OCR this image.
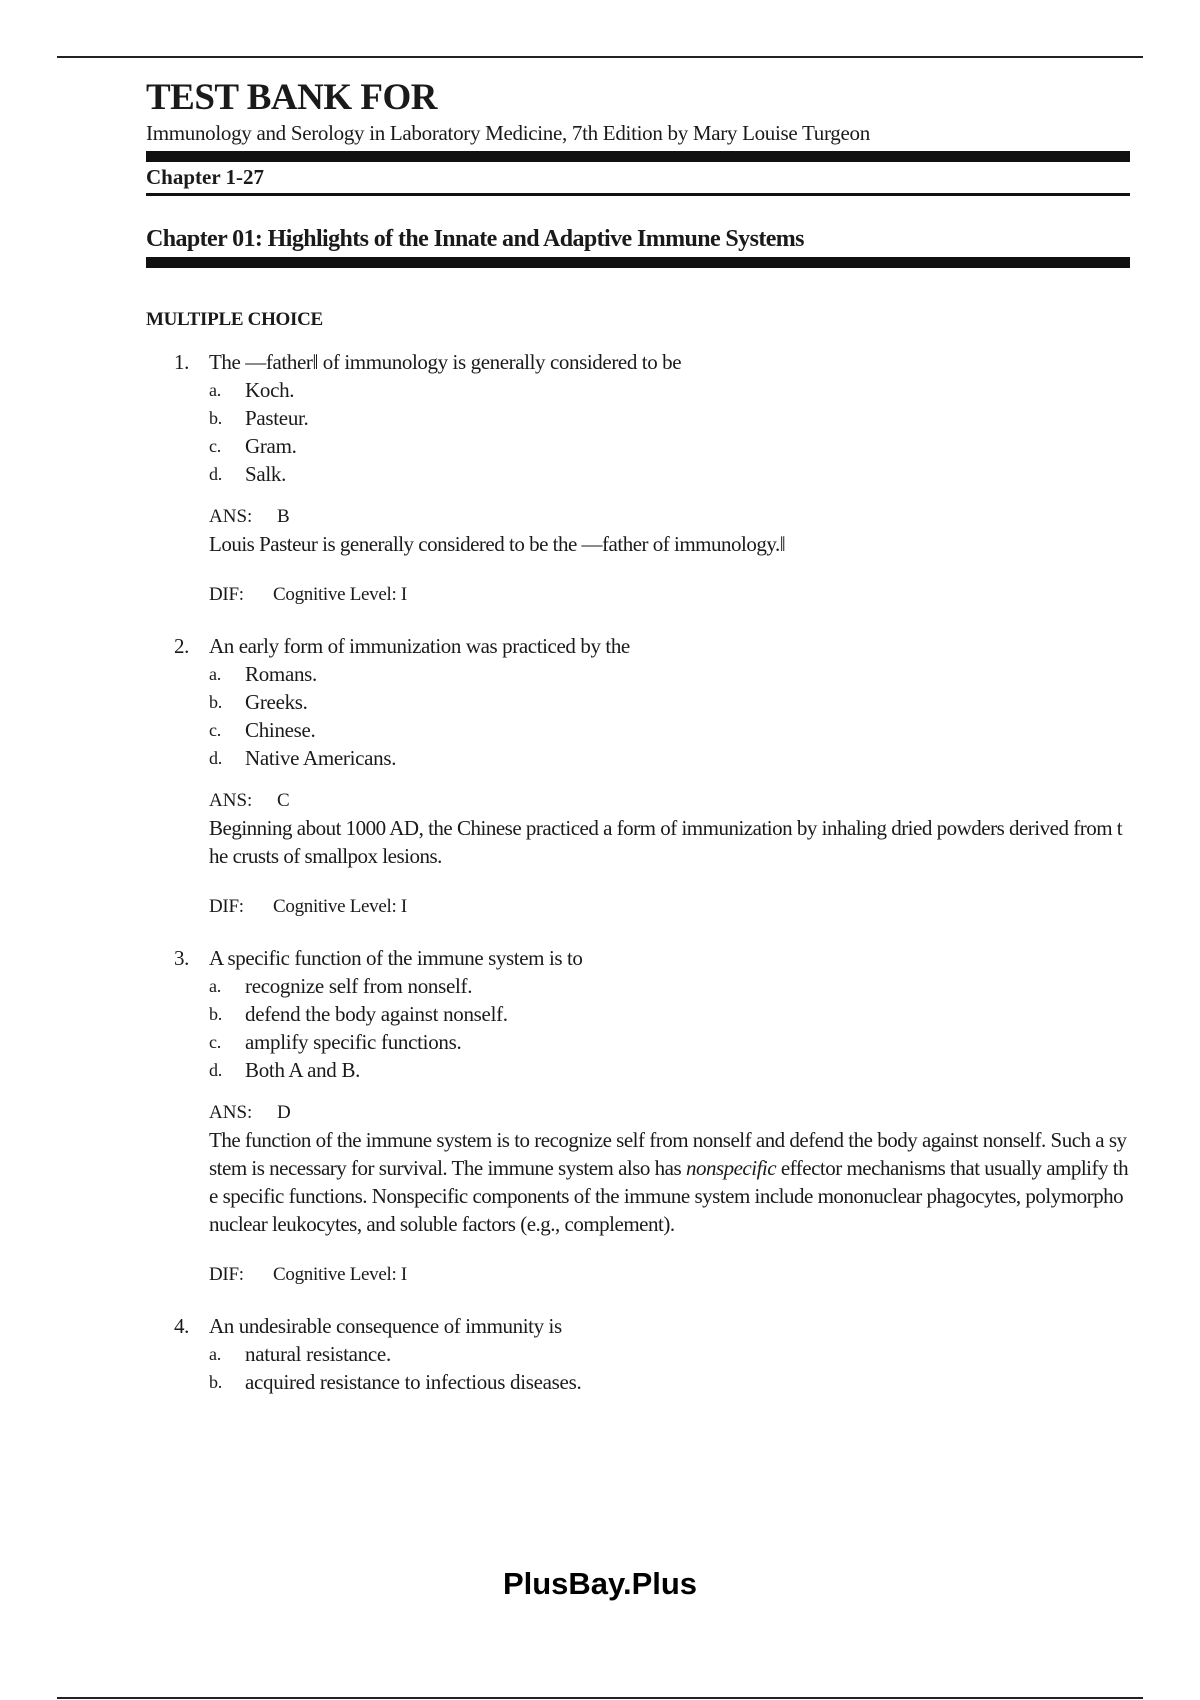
TEST BANK FOR
Immunology and Serology in Laboratory Medicine, 7th Edition by Mary Louise Turgeon
Chapter 1-27
Chapter 01: Highlights of the Innate and Adaptive Immune Systems
MULTIPLE CHOICE
1. The —father‖ of immunology is generally considered to be
a. Koch.
b. Pasteur.
c. Gram.
d. Salk.
ANS: B
Louis Pasteur is generally considered to be the —father of immunology.‖
DIF: Cognitive Level: I
2. An early form of immunization was practiced by the
a. Romans.
b. Greeks.
c. Chinese.
d. Native Americans.
ANS: C
Beginning about 1000 AD, the Chinese practiced a form of immunization by inhaling dried powders derived from the crusts of smallpox lesions.
DIF: Cognitive Level: I
3. A specific function of the immune system is to
a. recognize self from nonself.
b. defend the body against nonself.
c. amplify specific functions.
d. Both A and B.
ANS: D
The function of the immune system is to recognize self from nonself and defend the body against nonself. Such a system is necessary for survival. The immune system also has nonspecific effector mechanisms that usually amplify the specific functions. Nonspecific components of the immune system include mononuclear phagocytes, polymorphonuclear leukocytes, and soluble factors (e.g., complement).
DIF: Cognitive Level: I
4. An undesirable consequence of immunity is
a. natural resistance.
b. acquired resistance to infectious diseases.
PlusBay.Plus
